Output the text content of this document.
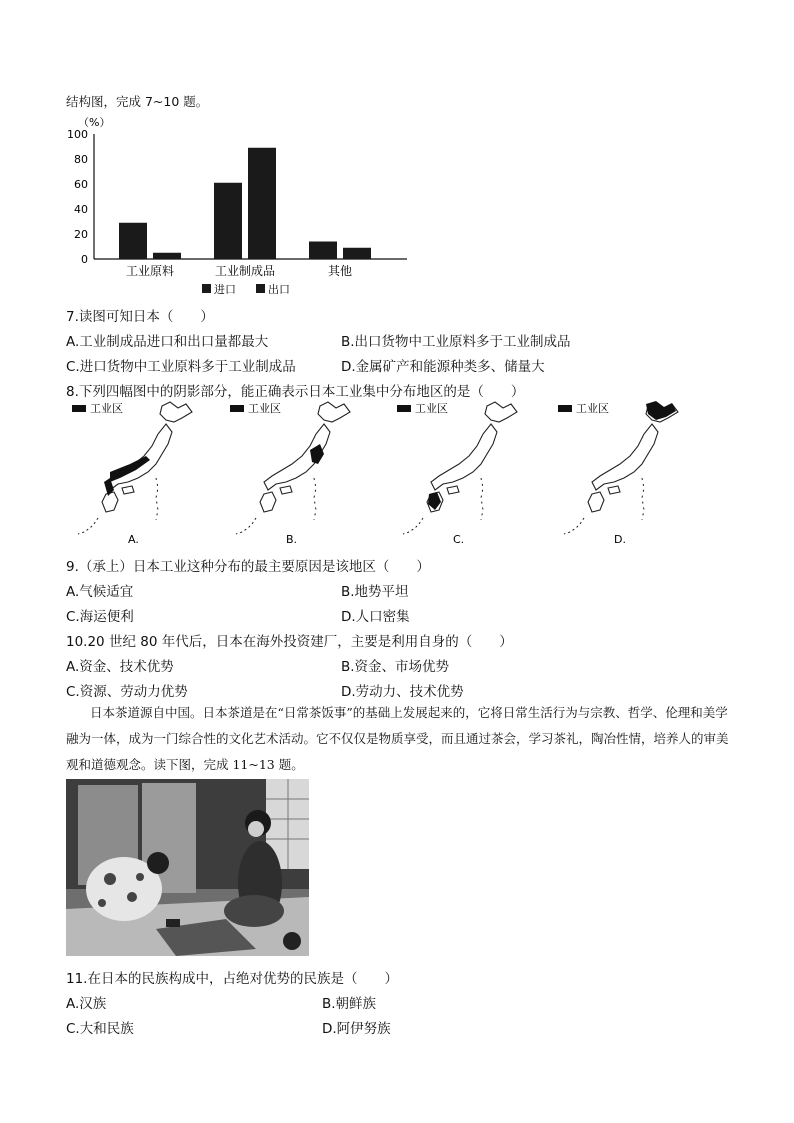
结构图，完成 7~10 题。
（%）
0
20
40
60
80
100
工业原料	工业制成品	其他
进口	出口
7.读图可知日本（　　）
A.工业制成品进口和出口量都最大	B.出口货物中工业原料多于工业制成品
C.进口货物中工业原料多于工业制成品	D.金属矿产和能源种类多、储量大
8.下列四幅图中的阴影部分，能正确表示日本工业集中分布地区的是（　　）
工业区
A.
工业区
B.
工业区
C.
工业区
D.
9.（承上）日本工业这种分布的最主要原因是该地区（　　）
A.气候适宜	B.地势平坦
C.海运便利	D.人口密集
10.20 世纪 80 年代后，日本在海外投资建厂，主要是利用自身的（　　）
A.资金、技术优势	B.资金、市场优势
C.资源、劳动力优势	D.劳动力、技术优势
日本茶道源自中国。日本茶道是在“日常茶饭事”的基础上发展起来的，它将日常生活行为与宗教、哲学、伦理和美学融为一体，成为一门综合性的文化艺术活动。它不仅仅是物质享受，而且通过茶会，学习茶礼，陶冶性情，培养人的审美观和道德观念。读下图，完成 11~13 题。
11.在日本的民族构成中，占绝对优势的民族是（　　）
A.汉族	B.朝鲜族
C.大和民族	D.阿伊努族
